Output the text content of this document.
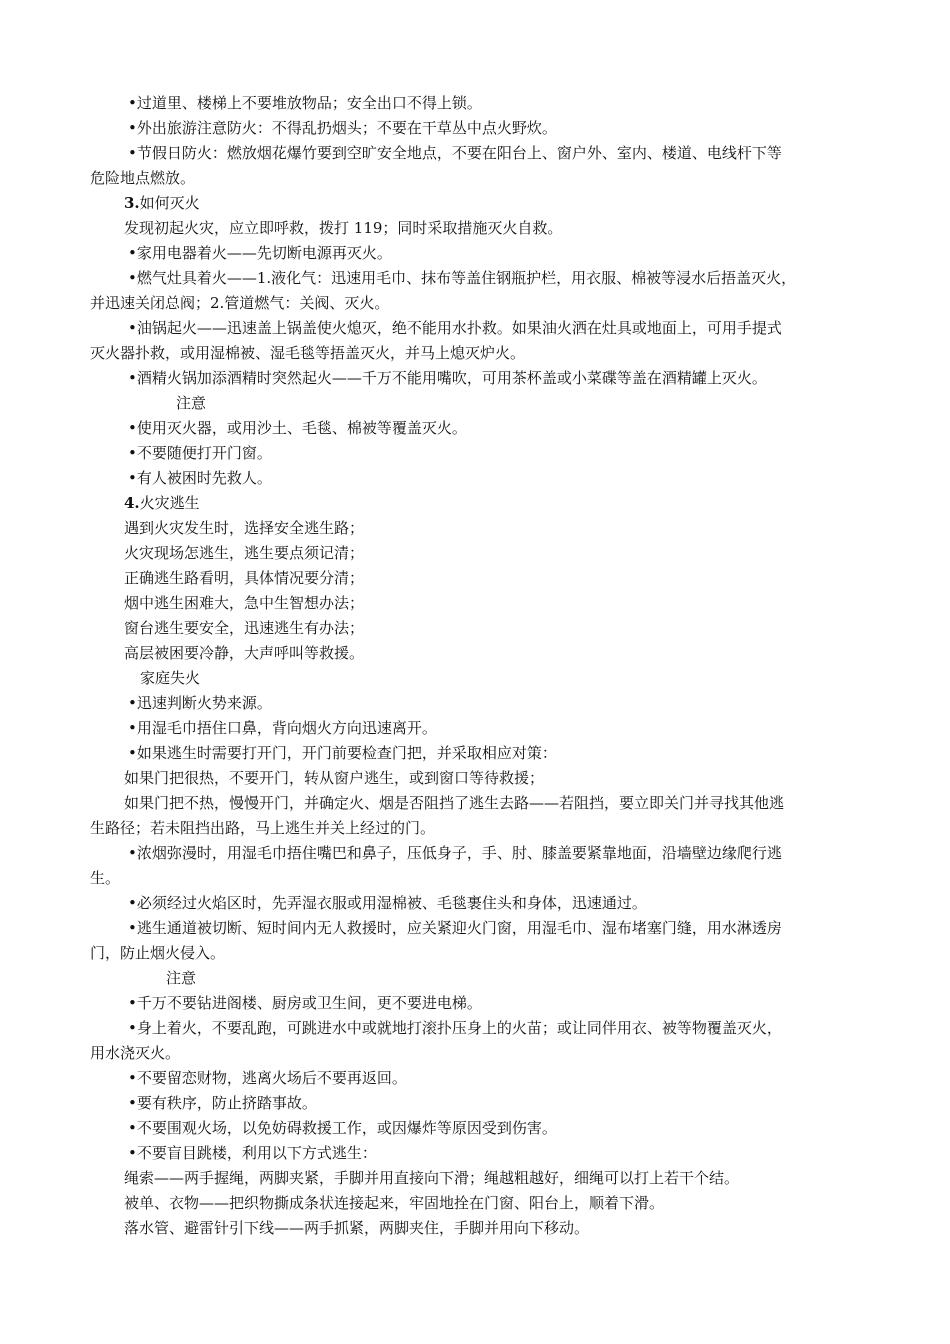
•过道里、楼梯上不要堆放物品；安全出口不得上锁。
•外出旅游注意防火：不得乱扔烟头；不要在干草丛中点火野炊。
•节假日防火：燃放烟花爆竹要到空旷安全地点，不要在阳台上、窗户外、室内、楼道、电线杆下等
危险地点燃放。
3.如何灭火
发现初起火灾，应立即呼救，拨打 119；同时采取措施灭火自救。
•家用电器着火——先切断电源再灭火。
•燃气灶具着火——1.液化气：迅速用毛巾、抹布等盖住钢瓶护栏，用衣服、棉被等浸水后捂盖灭火，
并迅速关闭总阀；2.管道燃气：关阀、灭火。
•油锅起火——迅速盖上锅盖使火熄灭，绝不能用水扑救。如果油火洒在灶具或地面上，可用手提式
灭火器扑救，或用湿棉被、湿毛毯等捂盖灭火，并马上熄灭炉火。
•酒精火锅加添酒精时突然起火——千万不能用嘴吹，可用茶杯盖或小菜碟等盖在酒精罐上灭火。
注意
•使用灭火器，或用沙土、毛毯、棉被等覆盖灭火。
•不要随便打开门窗。
•有人被困时先救人。
4.火灾逃生
遇到火灾发生时，选择安全逃生路；
火灾现场怎逃生，逃生要点须记清；
正确逃生路看明，具体情况要分清；
烟中逃生困难大，急中生智想办法；
窗台逃生要安全，迅速逃生有办法；
高层被困要冷静，大声呼叫等救援。
家庭失火
•迅速判断火势来源。
•用湿毛巾捂住口鼻，背向烟火方向迅速离开。
•如果逃生时需要打开门，开门前要检查门把，并采取相应对策：
如果门把很热，不要开门，转从窗户逃生，或到窗口等待救援；
如果门把不热，慢慢开门，并确定火、烟是否阻挡了逃生去路——若阻挡，要立即关门并寻找其他逃
生路径；若未阻挡出路，马上逃生并关上经过的门。
•浓烟弥漫时，用湿毛巾捂住嘴巴和鼻子，压低身子，手、肘、膝盖要紧靠地面，沿墙壁边缘爬行逃
生。
•必须经过火焰区时，先弄湿衣服或用湿棉被、毛毯裹住头和身体，迅速通过。
•逃生通道被切断、短时间内无人救援时，应关紧迎火门窗，用湿毛巾、湿布堵塞门缝，用水淋透房
门，防止烟火侵入。
注意
•千万不要钻进阁楼、厨房或卫生间，更不要进电梯。
•身上着火，不要乱跑，可跳进水中或就地打滚扑压身上的火苗；或让同伴用衣、被等物覆盖灭火，
用水浇灭火。
•不要留恋财物，逃离火场后不要再返回。
•要有秩序，防止挤踏事故。
•不要围观火场，以免妨碍救援工作，或因爆炸等原因受到伤害。
•不要盲目跳楼，利用以下方式逃生：
绳索——两手握绳，两脚夹紧，手脚并用直接向下滑；绳越粗越好，细绳可以打上若干个结。
被单、衣物——把织物撕成条状连接起来，牢固地拴在门窗、阳台上，顺着下滑。
落水管、避雷针引下线——两手抓紧，两脚夹住，手脚并用向下移动。
